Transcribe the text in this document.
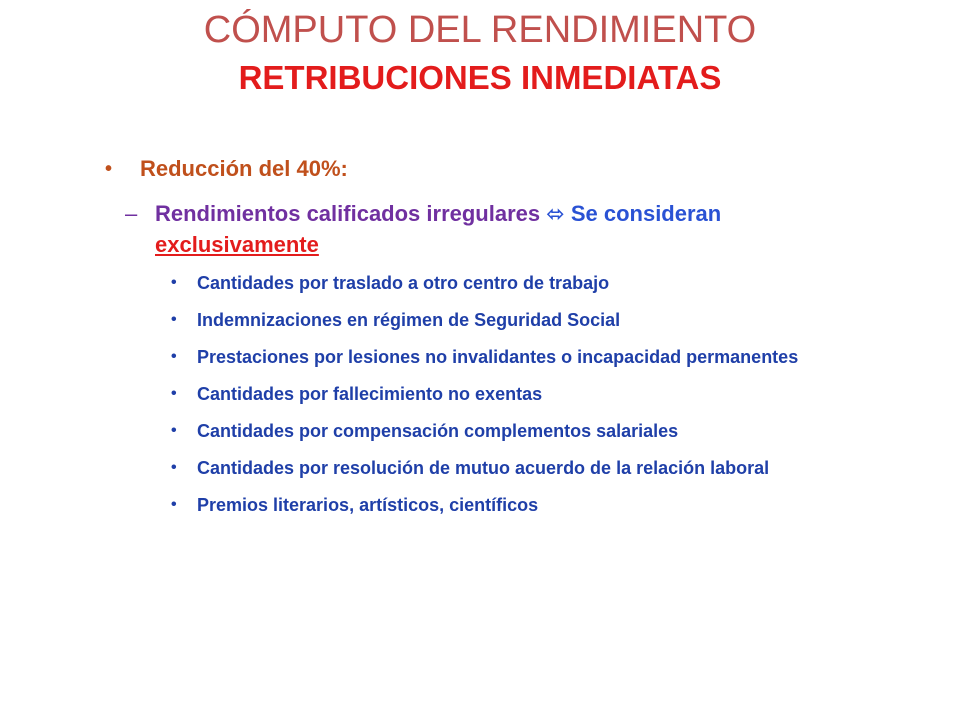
CÓMPUTO DEL RENDIMIENTO
RETRIBUCIONES INMEDIATAS
• Reducción del 40%:
– Rendimientos calificados irregulares ⬄ Se consideran exclusivamente
• Cantidades por traslado a otro centro de trabajo
• Indemnizaciones en régimen de Seguridad Social
• Prestaciones por lesiones no invalidantes o incapacidad permanentes
• Cantidades por fallecimiento no exentas
• Cantidades por compensación complementos salariales
• Cantidades por resolución de mutuo acuerdo de la relación laboral
• Premios literarios, artísticos, científicos
